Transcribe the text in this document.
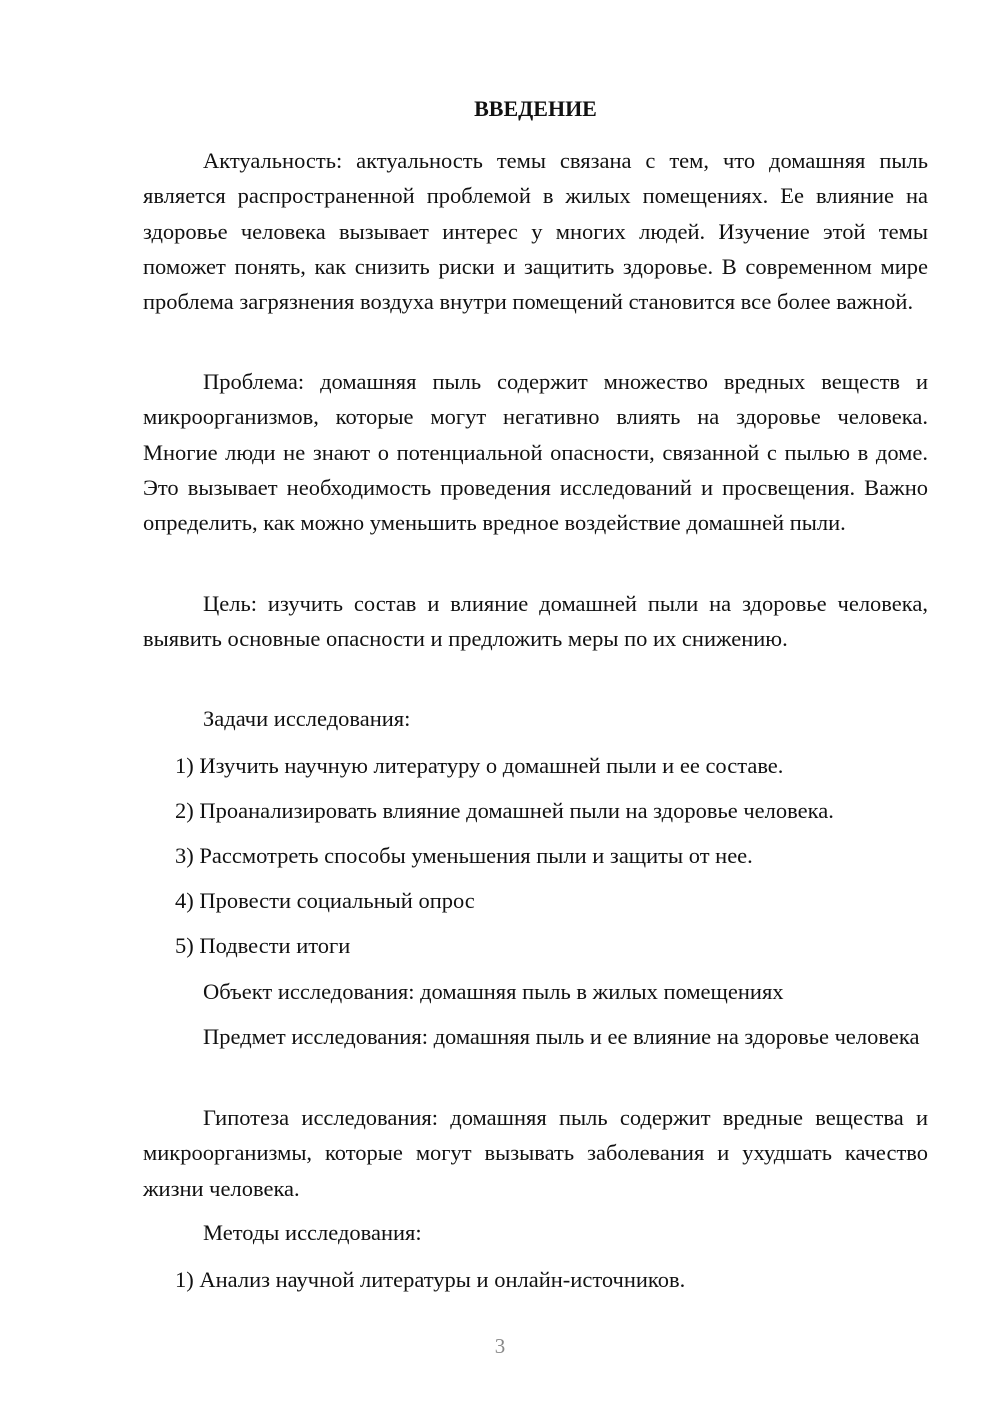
ВВЕДЕНИЕ

Актуальность: актуальность темы связана с тем, что домашняя пыль является распространенной проблемой в жилых помещениях. Ее влияние на здоровье человека вызывает интерес у многих людей. Изучение этой темы поможет понять, как снизить риски и защитить здоровье. В современном мире проблема загрязнения воздуха внутри помещений становится все более важной.

Проблема: домашняя пыль содержит множество вредных веществ и микроорганизмов, которые могут негативно влиять на здоровье человека. Многие люди не знают о потенциальной опасности, связанной с пылью в доме. Это вызывает необходимость проведения исследований и просвещения. Важно определить, как можно уменьшить вредное воздействие домашней пыли.

Цель: изучить состав и влияние домашней пыли на здоровье человека, выявить основные опасности и предложить меры по их снижению.

Задачи исследования:

1) Изучить научную литературу о домашней пыли и ее составе.

2) Проанализировать влияние домашней пыли на здоровье человека.

3) Рассмотреть способы уменьшения пыли и защиты от нее.

4) Провести социальный опрос

5) Подвести итоги

Объект исследования: домашняя пыль в жилых помещениях

Предмет исследования: домашняя пыль и ее влияние на здоровье человека

Гипотеза исследования: домашняя пыль содержит вредные вещества и микроорганизмы, которые могут вызывать заболевания и ухудшать качество жизни человека.

Методы исследования:

1) Анализ научной литературы и онлайн-источников.

3
